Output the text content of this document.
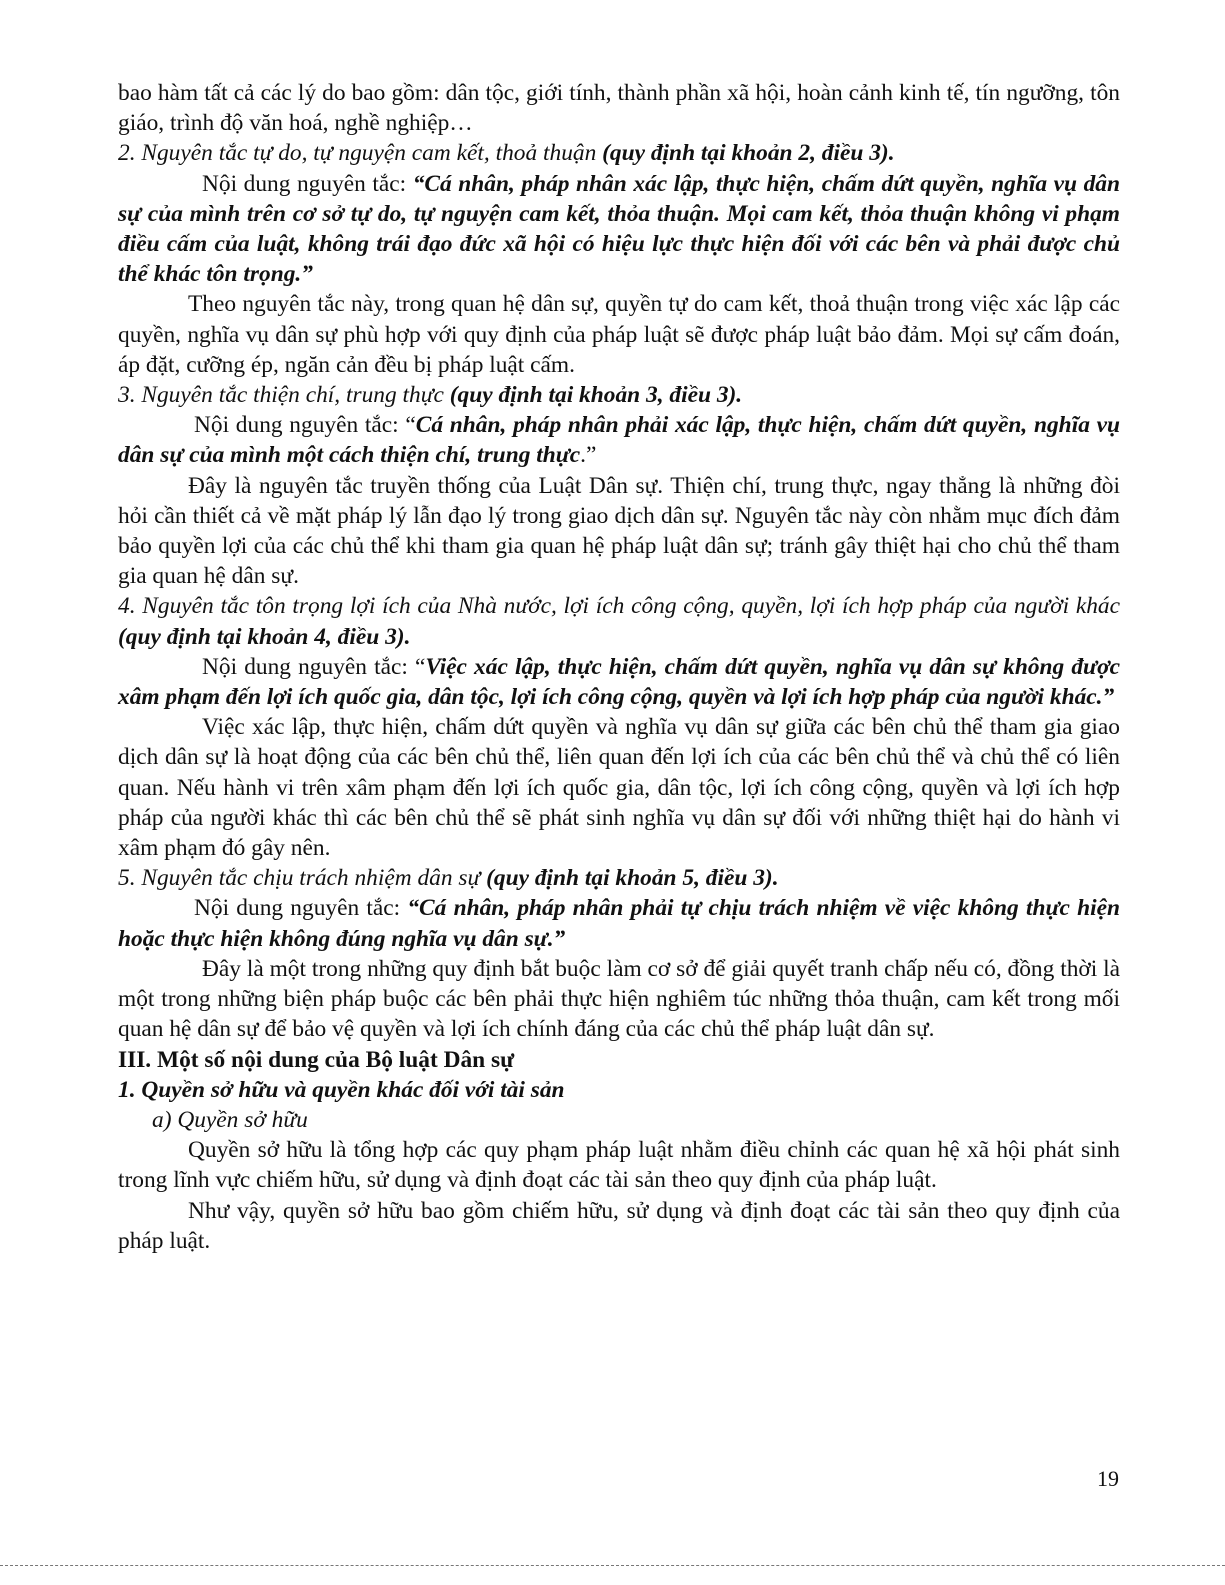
bao hàm tất cả các lý do bao gồm: dân tộc, giới tính, thành phần xã hội, hoàn cảnh kinh tế, tín ngưỡng, tôn giáo, trình độ văn hoá, nghề nghiệp…

2. Nguyên tắc tự do, tự nguyện cam kết, thoả thuận (quy định tại khoản 2, điều 3).

Nội dung nguyên tắc: “Cá nhân, pháp nhân xác lập, thực hiện, chấm dứt quyền, nghĩa vụ dân sự của mình trên cơ sở tự do, tự nguyện cam kết, thỏa thuận. Mọi cam kết, thỏa thuận không vi phạm điều cấm của luật, không trái đạo đức xã hội có hiệu lực thực hiện đối với các bên và phải được chủ thể khác tôn trọng.”

Theo nguyên tắc này, trong quan hệ dân sự, quyền tự do cam kết, thoả thuận trong việc xác lập các quyền, nghĩa vụ dân sự phù hợp với quy định của pháp luật sẽ được pháp luật bảo đảm. Mọi sự cấm đoán, áp đặt, cưỡng ép, ngăn cản đều bị pháp luật cấm.

3. Nguyên tắc thiện chí, trung thực (quy định tại khoản 3, điều 3).

Nội dung nguyên tắc: “Cá nhân, pháp nhân phải xác lập, thực hiện, chấm dứt quyền, nghĩa vụ dân sự của mình một cách thiện chí, trung thực.”

Đây là nguyên tắc truyền thống của Luật Dân sự. Thiện chí, trung thực, ngay thẳng là những đòi hỏi cần thiết cả về mặt pháp lý lẫn đạo lý trong giao dịch dân sự. Nguyên tắc này còn nhằm mục đích đảm bảo quyền lợi của các chủ thể khi tham gia quan hệ pháp luật dân sự; tránh gây thiệt hại cho chủ thể tham gia quan hệ dân sự.

4. Nguyên tắc tôn trọng lợi ích của Nhà nước, lợi ích công cộng, quyền, lợi ích hợp pháp của người khác (quy định tại khoản 4, điều 3).

Nội dung nguyên tắc: “Việc xác lập, thực hiện, chấm dứt quyền, nghĩa vụ dân sự không được xâm phạm đến lợi ích quốc gia, dân tộc, lợi ích công cộng, quyền và lợi ích hợp pháp của người khác.”

Việc xác lập, thực hiện, chấm dứt quyền và nghĩa vụ dân sự giữa các bên chủ thể tham gia giao dịch dân sự là hoạt động của các bên chủ thể, liên quan đến lợi ích của các bên chủ thể và chủ thể có liên quan. Nếu hành vi trên xâm phạm đến lợi ích quốc gia, dân tộc, lợi ích công cộng, quyền và lợi ích hợp pháp của người khác thì các bên chủ thể sẽ phát sinh nghĩa vụ dân sự đối với những thiệt hại do hành vi xâm phạm đó gây nên.

5. Nguyên tắc chịu trách nhiệm dân sự (quy định tại khoản 5, điều 3).

Nội dung nguyên tắc: “Cá nhân, pháp nhân phải tự chịu trách nhiệm về việc không thực hiện hoặc thực hiện không đúng nghĩa vụ dân sự.”

Đây là một trong những quy định bắt buộc làm cơ sở để giải quyết tranh chấp nếu có, đồng thời là một trong những biện pháp buộc các bên phải thực hiện nghiêm túc những thỏa thuận, cam kết trong mối quan hệ dân sự để bảo vệ quyền và lợi ích chính đáng của các chủ thể pháp luật dân sự.

III. Một số nội dung của Bộ luật Dân sự

1. Quyền sở hữu và quyền khác đối với tài sản

a) Quyền sở hữu

Quyền sở hữu là tổng hợp các quy phạm pháp luật nhằm điều chỉnh các quan hệ xã hội phát sinh trong lĩnh vực chiếm hữu, sử dụng và định đoạt các tài sản theo quy định của pháp luật.

Như vậy, quyền sở hữu bao gồm chiếm hữu, sử dụng và định đoạt các tài sản theo quy định của pháp luật.

19
